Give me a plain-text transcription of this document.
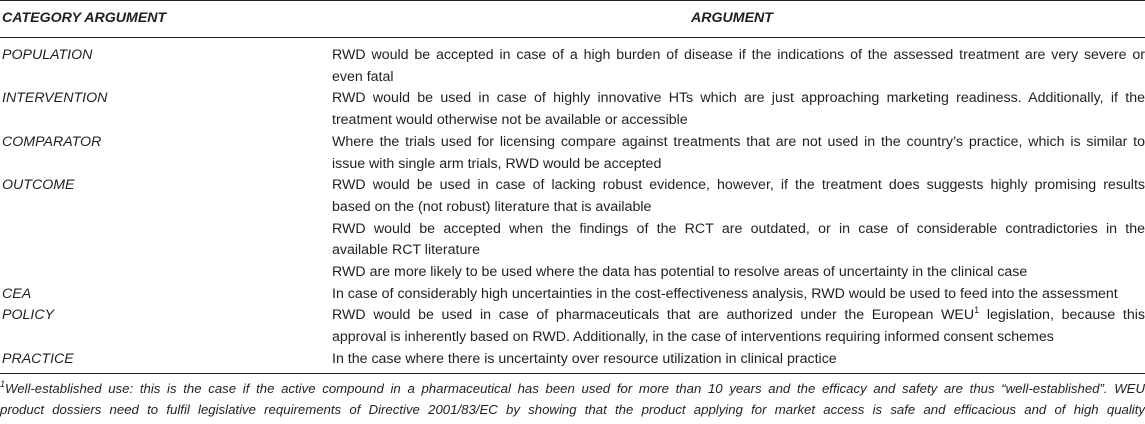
CATEGORY ARGUMENT	ARGUMENT
POPULATION	RWD would be accepted in case of a high burden of disease if the indications of the assessed treatment are very severe or
even fatal
INTERVENTION	RWD would be used in case of highly innovative HTs which are just approaching marketing readiness. Additionally, if the
treatment would otherwise not be available or accessible
COMPARATOR	Where the trials used for licensing compare against treatments that are not used in the country’s practice, which is similar to
issue with single arm trials, RWD would be accepted
OUTCOME	RWD would be used in case of lacking robust evidence, however, if the treatment does suggests highly promising results
based on the (not robust) literature that is available
RWD would be accepted when the findings of the RCT are outdated, or in case of considerable contradictories in the
available RCT literature
RWD are more likely to be used where the data has potential to resolve areas of uncertainty in the clinical case
CEA	In case of considerably high uncertainties in the cost-effectiveness analysis, RWD would be used to feed into the assessment
POLICY	RWD would be used in case of pharmaceuticals that are authorized under the European WEU$^1$ legislation, because this
approval is inherently based on RWD. Additionally, in the case of interventions requiring informed consent schemes
PRACTICE	In the case where there is uncertainty over resource utilization in clinical practice
$^1$Well-established use: this is the case if the active compound in a pharmaceutical has been used for more than 10 years and the efficacy and safety are thus “well-established”. WEU
product dossiers need to fulfil legislative requirements of Directive 2001/83/EC by showing that the product applying for market access is safe and efficacious and of high quality
